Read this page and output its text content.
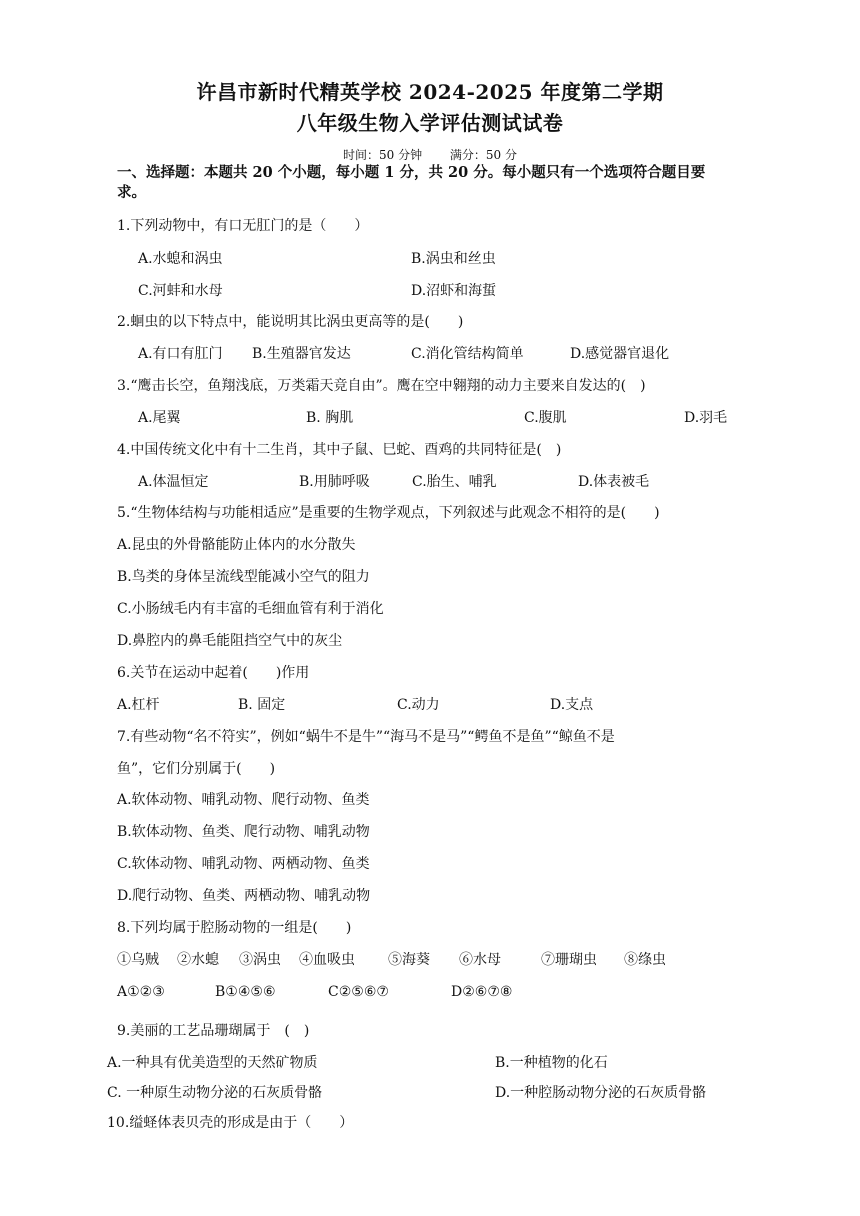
许昌市新时代精英学校 2024-2025 年度第二学期
八年级生物入学评估测试试卷
时间：50 分钟 满分：50 分
一、选择题：本题共 20 个小题，每小题 1 分，共 20 分。每小题只有一个选项符合题目要
求。
1.下列动物中，有口无肛门的是（　　）
A.水螅和涡虫	B.涡虫和丝虫
C.河蚌和水母	D.沼虾和海蜇
2.蛔虫的以下特点中，能说明其比涡虫更高等的是(　　)
A.有口有肛门 B.生殖器官发达	C.消化管结构简单	D.感觉器官退化
3.“鹰击长空，鱼翔浅底，万类霜天竞自由”。鹰在空中翱翔的动力主要来自发达的(　)
A.尾翼	B. 胸肌	C.腹肌	D.羽毛
4.中国传统文化中有十二生肖，其中子鼠、巳蛇、酉鸡的共同特征是(　)
A.体温恒定	B.用肺呼吸	C.胎生、哺乳	D.体表被毛
5.“生物体结构与功能相适应”是重要的生物学观点，下列叙述与此观念不相符的是(　　)
A.昆虫的外骨骼能防止体内的水分散失
B.鸟类的身体呈流线型能减小空气的阻力
C.小肠绒毛内有丰富的毛细血管有利于消化
D.鼻腔内的鼻毛能阻挡空气中的灰尘
6.关节在运动中起着(　　)作用
A.杠杆	B. 固定	C.动力	D.支点
7.有些动物“名不符实”，例如“蜗牛不是牛”“海马不是马”“鳄鱼不是鱼”“鲸鱼不是
鱼”，它们分别属于(　　)
A.软体动物、哺乳动物、爬行动物、鱼类
B.软体动物、鱼类、爬行动物、哺乳动物
C.软体动物、哺乳动物、两栖动物、鱼类
D.爬行动物、鱼类、两栖动物、哺乳动物
8.下列均属于腔肠动物的一组是(　　)
①乌贼 ②水螅 ③涡虫 ④血吸虫 ⑤海葵 ⑥水母	⑦珊瑚虫 ⑧绦虫
A①②③	B①④⑤⑥	C②⑤⑥⑦	D②⑥⑦⑧
9.美丽的工艺品珊瑚属于　(　)
A.一种具有优美造型的天然矿物质	B.一种植物的化石
C. 一种原生动物分泌的石灰质骨骼	D.一种腔肠动物分泌的石灰质骨骼
10.缢蛏体表贝壳的形成是由于（　　）
